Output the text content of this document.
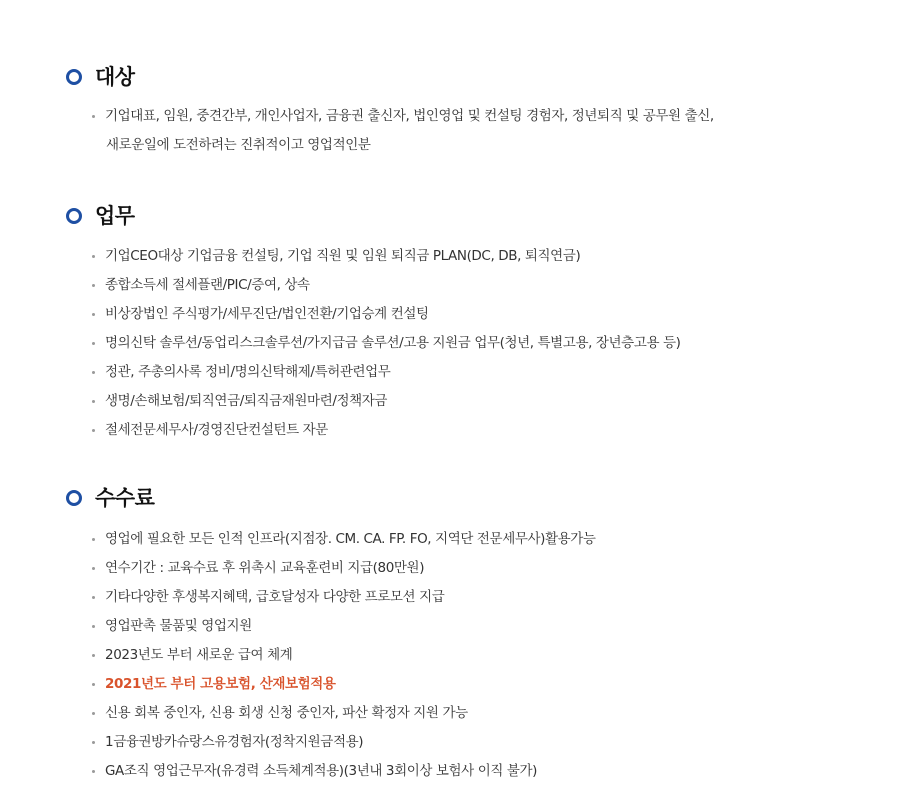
대상
기업대표, 임원, 중견간부, 개인사업자, 금융권 출신자, 법인영업 및 컨설팅 경험자, 정년퇴직 및 공무원 출신,
새로운일에 도전하려는 진취적이고 영업적인분
업무
기업CEO대상 기업금융 컨설팅, 기업 직원 및 임원 퇴직금 PLAN(DC, DB, 퇴직연금)
종합소득세 절세플랜/PIC/증여, 상속
비상장법인 주식평가/세무진단/법인전환/기업승계 컨설팅
명의신탁 솔루션/동업리스크솔루션/가지급금 솔루션/고용 지원금 업무(청년, 특별고용, 장년층고용 등)
정관, 주총의사록 정비/명의신탁해제/특허관련업무
생명/손해보험/퇴직연금/퇴직금재원마련/정책자금
절세전문세무사/경영진단컨설턴트 자문
수수료
영업에 필요한 모든 인적 인프라(지점장. CM. CA. FP. FO, 지역단 전문세무사)활용가능
연수기간 : 교육수료 후 위촉시 교육훈련비 지급(80만원)
기타다양한 후생복지혜택, 급호달성자 다양한 프로모션 지급
영업판촉 물품및 영업지원
2023년도 부터 새로운 급여 체계
2021년도 부터 고용보험, 산재보험적용
신용 회복 중인자, 신용 회생 신청 중인자, 파산 확정자 지원 가능
1금융권방카슈랑스유경험자(정착지원금적용)
GA조직 영업근무자(유경력 소득체계적용)(3년내 3회이상 보험사 이직 불가)
